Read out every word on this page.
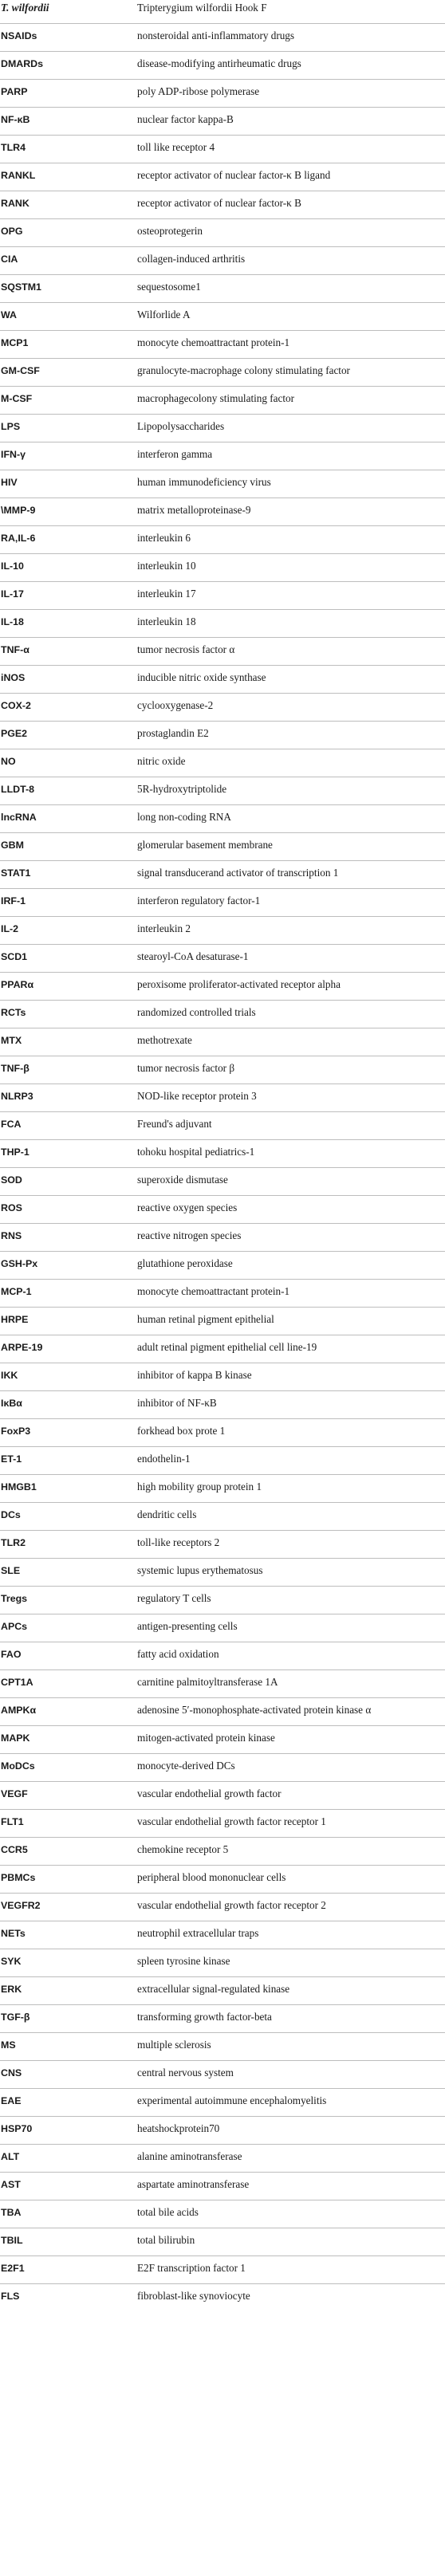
T. wilfordii	Tripterygium wilfordii Hook F
NSAIDs	nonsteroidal anti-inflammatory drugs
DMARDs	disease-modifying antirheumatic drugs
PARP	poly ADP-ribose polymerase
NF-κB	nuclear factor kappa-B
TLR4	toll like receptor 4
RANKL	receptor activator of nuclear factor-κ B ligand
RANK	receptor activator of nuclear factor-κ B
OPG	osteoprotegerin
CIA	collagen-induced arthritis
SQSTM1	sequestosome1
WA	Wilforlide A
MCP1	monocyte chemoattractant protein-1
GM-CSF	granulocyte-macrophage colony stimulating factor
M-CSF	macrophagecolony stimulating factor
LPS	Lipopolysaccharides
IFN-γ	interferon gamma
HIV	human immunodeficiency virus
\MMP-9	matrix metalloproteinase-9
RA,IL-6	interleukin 6
IL-10	interleukin 10
IL-17	interleukin 17
IL-18	interleukin 18
TNF-α	tumor necrosis factor α
iNOS	inducible nitric oxide synthase
COX-2	cyclooxygenase-2
PGE2	prostaglandin E2
NO	nitric oxide
LLDT-8	5R-hydroxytriptolide
lncRNA	long non-coding RNA
GBM	glomerular basement membrane
STAT1	signal transducerand activator of transcription 1
IRF-1	interferon regulatory factor-1
IL-2	interleukin 2
SCD1	stearoyl-CoA desaturase-1
PPARα	peroxisome proliferator-activated receptor alpha
RCTs	randomized controlled trials
MTX	methotrexate
TNF-β	tumor necrosis factor β
NLRP3	NOD-like receptor protein 3
FCA	Freund's adjuvant
THP-1	tohoku hospital pediatrics-1
SOD	superoxide dismutase
ROS	reactive oxygen species
RNS	reactive nitrogen species
GSH-Px	glutathione peroxidase
MCP-1	monocyte chemoattractant protein-1
HRPE	human retinal pigment epithelial
ARPE-19	adult retinal pigment epithelial cell line-19
IKK	inhibitor of kappa B kinase
IκBα	inhibitor of NF-κB
FoxP3	forkhead box prote 1
ET-1	endothelin-1
HMGB1	high mobility group protein 1
DCs	dendritic cells
TLR2	toll-like receptors 2
SLE	systemic lupus erythematosus
Tregs	regulatory T cells
APCs	antigen-presenting cells
FAO	fatty acid oxidation
CPT1A	carnitine palmitoyltransferase 1A
AMPKα	adenosine 5′-monophosphate-activated protein kinase α
MAPK	mitogen-activated protein kinase
MoDCs	monocyte-derived DCs
VEGF	vascular endothelial growth factor
FLT1	vascular endothelial growth factor receptor 1
CCR5	chemokine receptor 5
PBMCs	peripheral blood mononuclear cells
VEGFR2	vascular endothelial growth factor receptor 2
NETs	neutrophil extracellular traps
SYK	spleen tyrosine kinase
ERK	extracellular signal-regulated kinase
TGF-β	transforming growth factor-beta
MS	multiple sclerosis
CNS	central nervous system
EAE	experimental autoimmune encephalomyelitis
HSP70	heatshockprotein70
ALT	alanine aminotransferase
AST	aspartate aminotransferase
TBA	total bile acids
TBIL	total bilirubin
E2F1	E2F transcription factor 1
FLS	fibroblast-like synoviocyte
